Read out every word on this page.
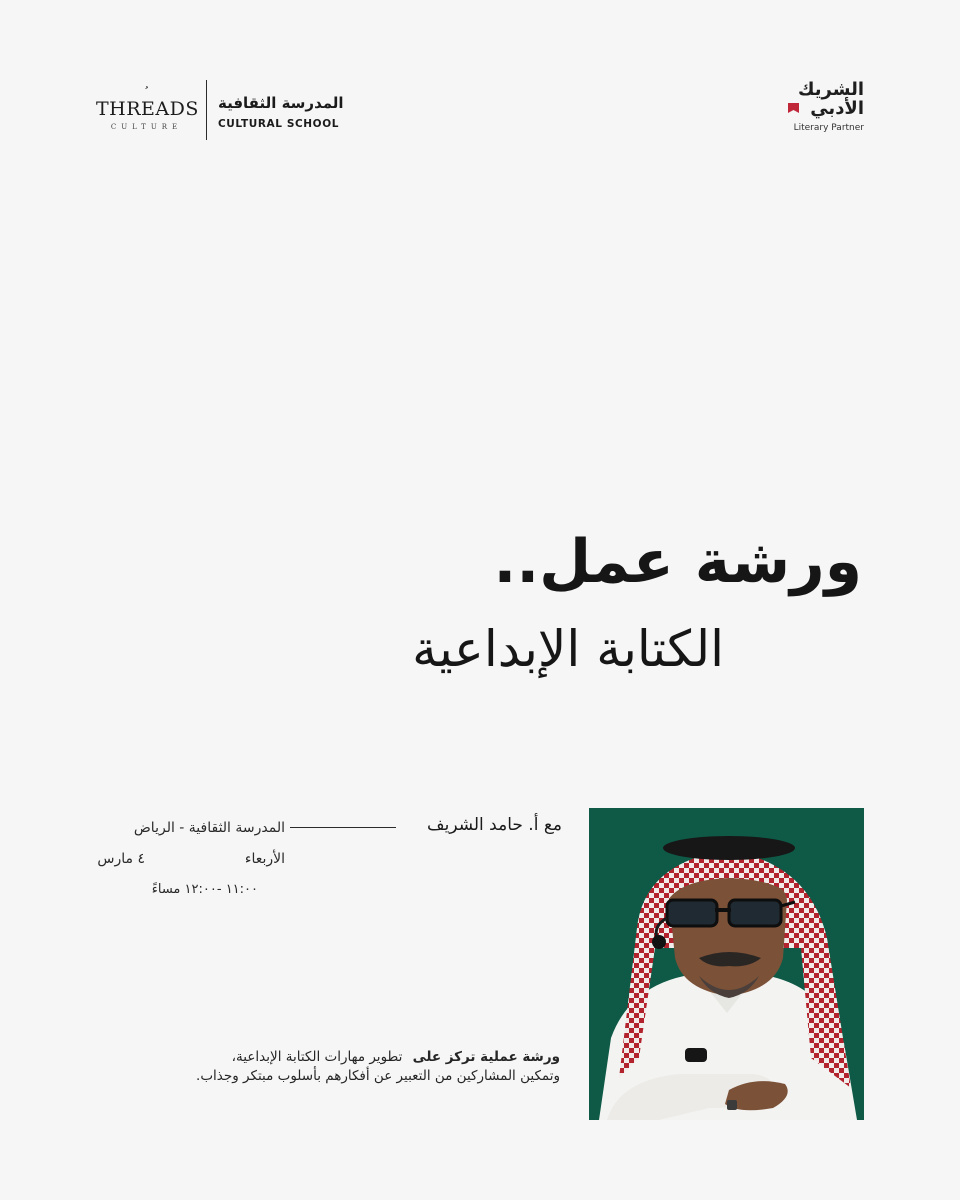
THREADS
CULTURE
المدرسة الثقافية
CULTURAL SCHOOL
الشريك
الأدبي
Literary Partner
ورشة عمل..
الكتابة الإبداعية
مع أ. حامد الشريف
المدرسة الثقافية - الرياض
الأربعاء
٤ مارس
١١:٠٠ -١٢:٠٠ مساءً
ورشة عملية تركز على تطوير مهارات الكتابة الإبداعية، وتمكين المشاركين من التعبير عن أفكارهم بأسلوب مبتكر وجذاب.
